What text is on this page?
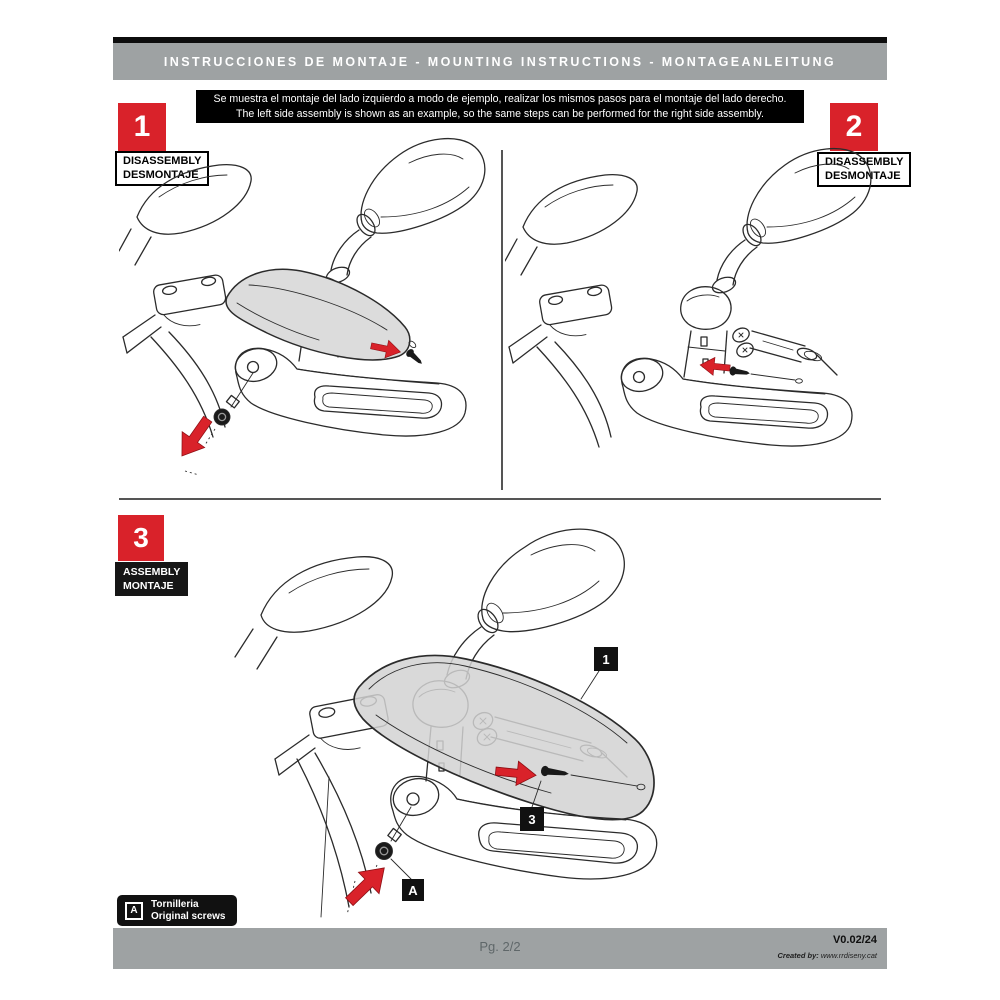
INSTRUCCIONES DE MONTAJE - MOUNTING INSTRUCTIONS - MONTAGEANLEITUNG
Se muestra el montaje del lado izquierdo a modo de ejemplo, realizar los mismos pasos para el montaje del lado derecho.
The left side assembly is shown as an example, so the same steps can be performed for the right side assembly.
1
DISASSEMBLY
DESMONTAJE
2
DISASSEMBLY
DESMONTAJE
3
ASSEMBLY
MONTAJE
1
3
A
A
Tornilleria
Original screws
Pg. 2/2	V0.02/24
Created by: www.rrdiseny.cat
